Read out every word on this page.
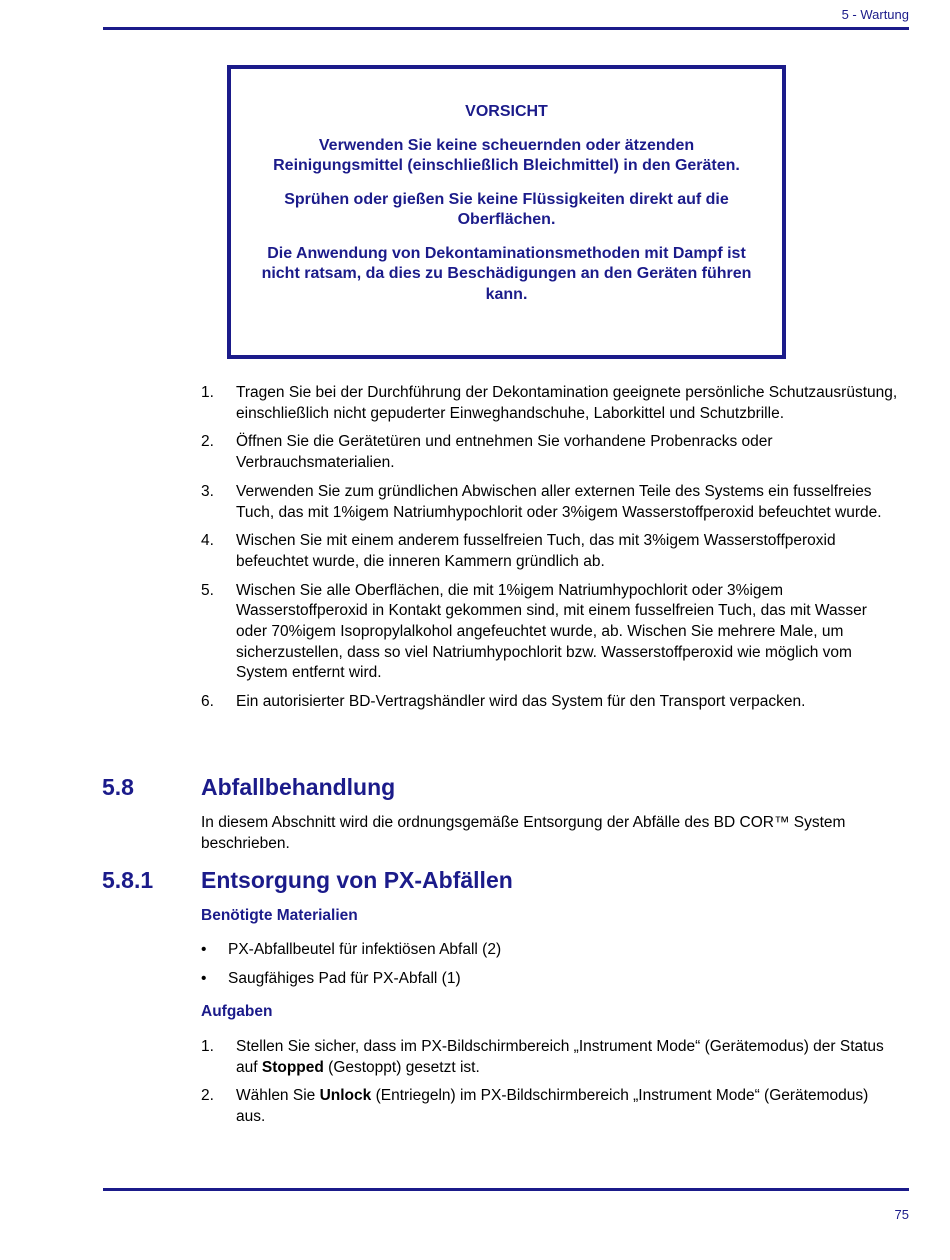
5 - Wartung
VORSICHT

Verwenden Sie keine scheuernden oder ätzenden Reinigungsmittel (einschließlich Bleichmittel) in den Geräten.

Sprühen oder gießen Sie keine Flüssigkeiten direkt auf die Oberflächen.

Die Anwendung von Dekontaminationsmethoden mit Dampf ist nicht ratsam, da dies zu Beschädigungen an den Geräten führen kann.

1.	Tragen Sie bei der Durchführung der Dekontamination geeignete persönliche Schutzausrüstung, einschließlich nicht gepuderter Einweghandschuhe, Laborkittel und Schutzbrille.
2.	Öffnen Sie die Gerätetüren und entnehmen Sie vorhandene Probenracks oder Verbrauchsmaterialien.
3.	Verwenden Sie zum gründlichen Abwischen aller externen Teile des Systems ein fusselfreies Tuch, das mit 1%igem Natriumhypochlorit oder 3%igem Wasserstoffperoxid befeuchtet wurde.
4.	Wischen Sie mit einem anderem fusselfreien Tuch, das mit 3%igem Wasserstoffperoxid befeuchtet wurde, die inneren Kammern gründlich ab.
5.	Wischen Sie alle Oberflächen, die mit 1%igem Natriumhypochlorit oder 3%igem Wasserstoffperoxid in Kontakt gekommen sind, mit einem fusselfreien Tuch, das mit Wasser oder 70%igem Isopropylalkohol angefeuchtet wurde, ab. Wischen Sie mehrere Male, um sicherzustellen, dass so viel Natriumhypochlorit bzw. Wasserstoffperoxid wie möglich vom System entfernt wird.
6.	Ein autorisierter BD-Vertragshändler wird das System für den Transport verpacken.
5.8	Abfallbehandlung
In diesem Abschnitt wird die ordnungsgemäße Entsorgung der Abfälle des BD COR™ System beschrieben.
5.8.1 Entsorgung von PX-Abfällen
Benötigte Materialien
•	PX-Abfallbeutel für infektiösen Abfall (2)
•	Saugfähiges Pad für PX-Abfall (1)
Aufgaben
1.	Stellen Sie sicher, dass im PX-Bildschirmbereich „Instrument Mode“ (Gerätemodus) der Status auf Stopped (Gestoppt) gesetzt ist.
2.	Wählen Sie Unlock (Entriegeln) im PX-Bildschirmbereich „Instrument Mode“ (Gerätemodus) aus.
75
